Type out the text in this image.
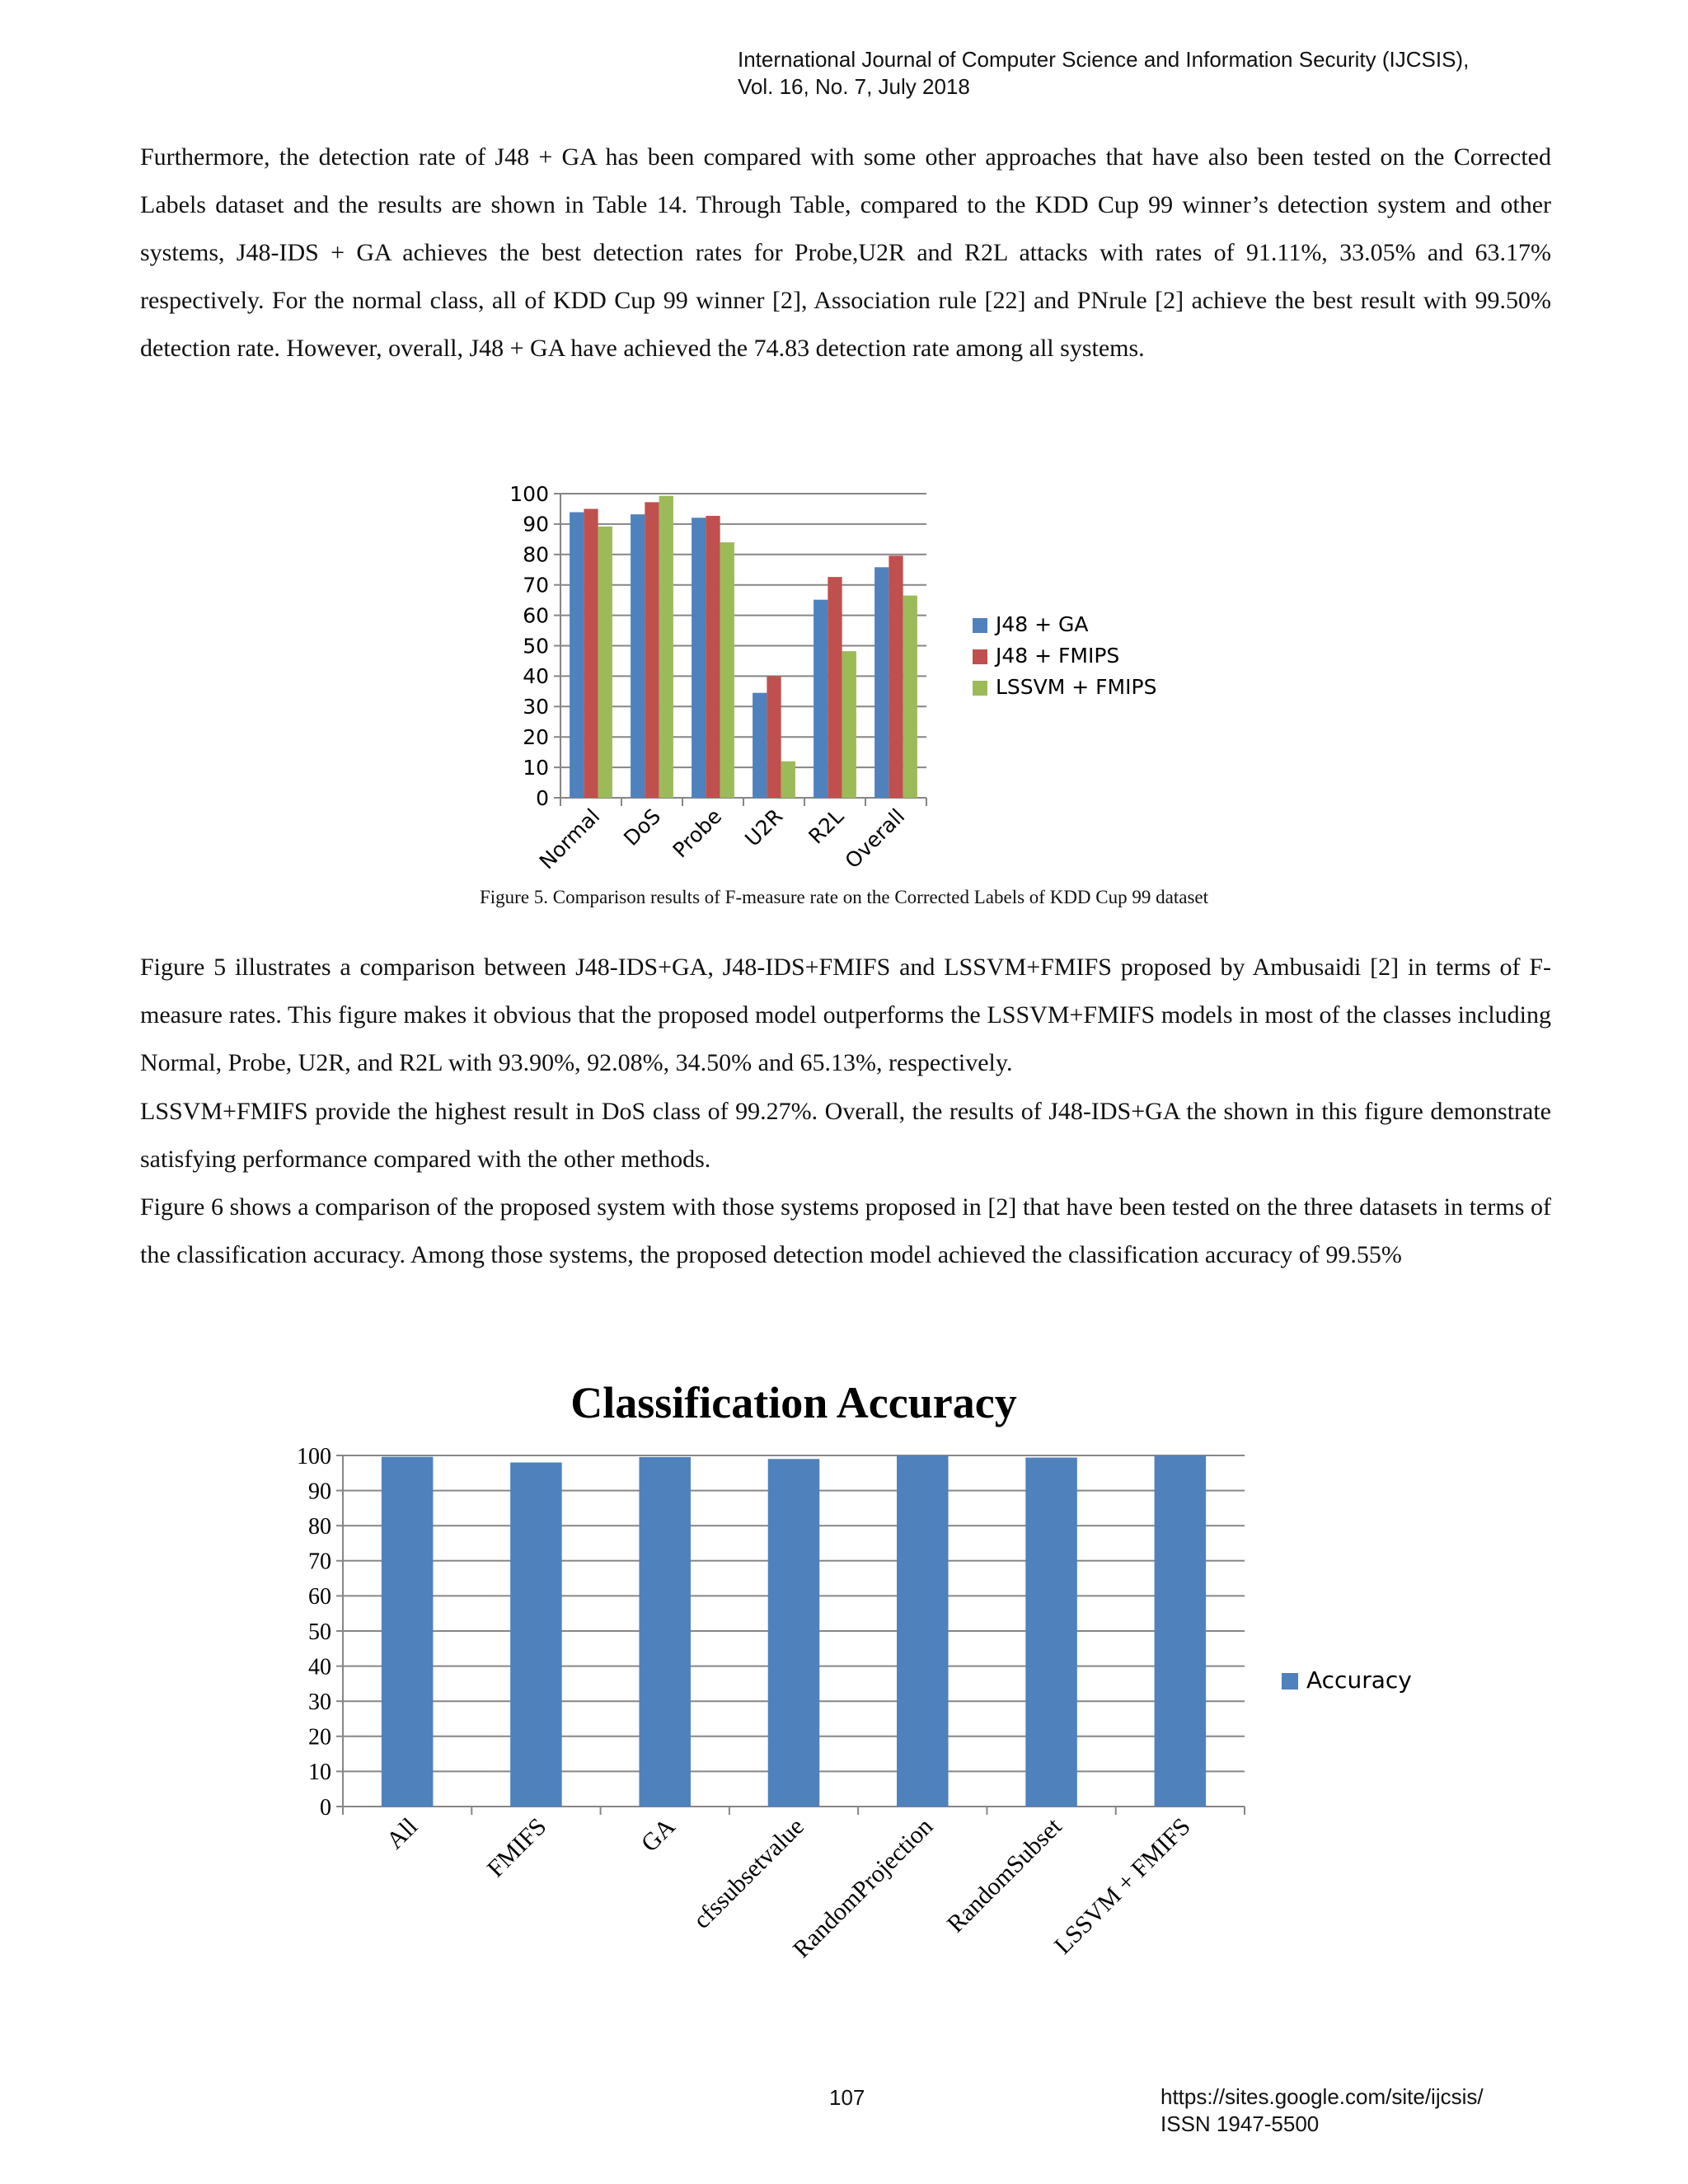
International Journal of Computer Science and Information Security (IJCSIS),
Vol. 16, No. 7, July 2018

Furthermore, the detection rate of J48 + GA has been compared with some other approaches that have also been tested on the Corrected Labels dataset and the results are shown in Table 14. Through Table, compared to the KDD Cup 99 winner’s detection system and other systems, J48-IDS + GA achieves the best detection rates for Probe,U2R and R2L attacks with rates of 91.11%, 33.05% and 63.17% respectively. For the normal class, all of KDD Cup 99 winner [2], Association rule [22] and PNrule [2] achieve the best result with 99.50% detection rate. However, overall, J48 + GA have achieved the 74.83 detection rate among all systems.

0
10
20
30
40
50
60
70
80
90
100
Normal DoS Probe U2R R2L
Overall
J48 + GA
J48 + FMIPS
LSSVM + FMIPS
Figure 5. Comparison results of F-measure rate on the Corrected Labels of KDD Cup 99 dataset

Figure 5 illustrates a comparison between J48-IDS+GA, J48-IDS+FMIFS and LSSVM+FMIFS proposed by Ambusaidi [2] in terms of F-measure rates. This figure makes it obvious that the proposed model outperforms the LSSVM+FMIFS models in most of the classes including Normal, Probe, U2R, and R2L with 93.90%, 92.08%, 34.50% and 65.13%, respectively.

LSSVM+FMIFS provide the highest result in DoS class of 99.27%. Overall, the results of J48-IDS+GA the shown in this figure demonstrate satisfying performance compared with the other methods.

Figure 6 shows a comparison of the proposed system with those systems proposed in [2] that have been tested on the three datasets in terms of the classification accuracy. Among those systems, the proposed detection model achieved the classification accuracy of 99.55%

Classification Accuracy
0
10
20
30
40
50
60
70
80
90
100
All FMIFS	GA cfssubsetvalue
RandomProjection RandomSubset
LSSVM + FMIFS
Accuracy
107	https://sites.google.com/site/ijcsis/
ISSN 1947-5500
